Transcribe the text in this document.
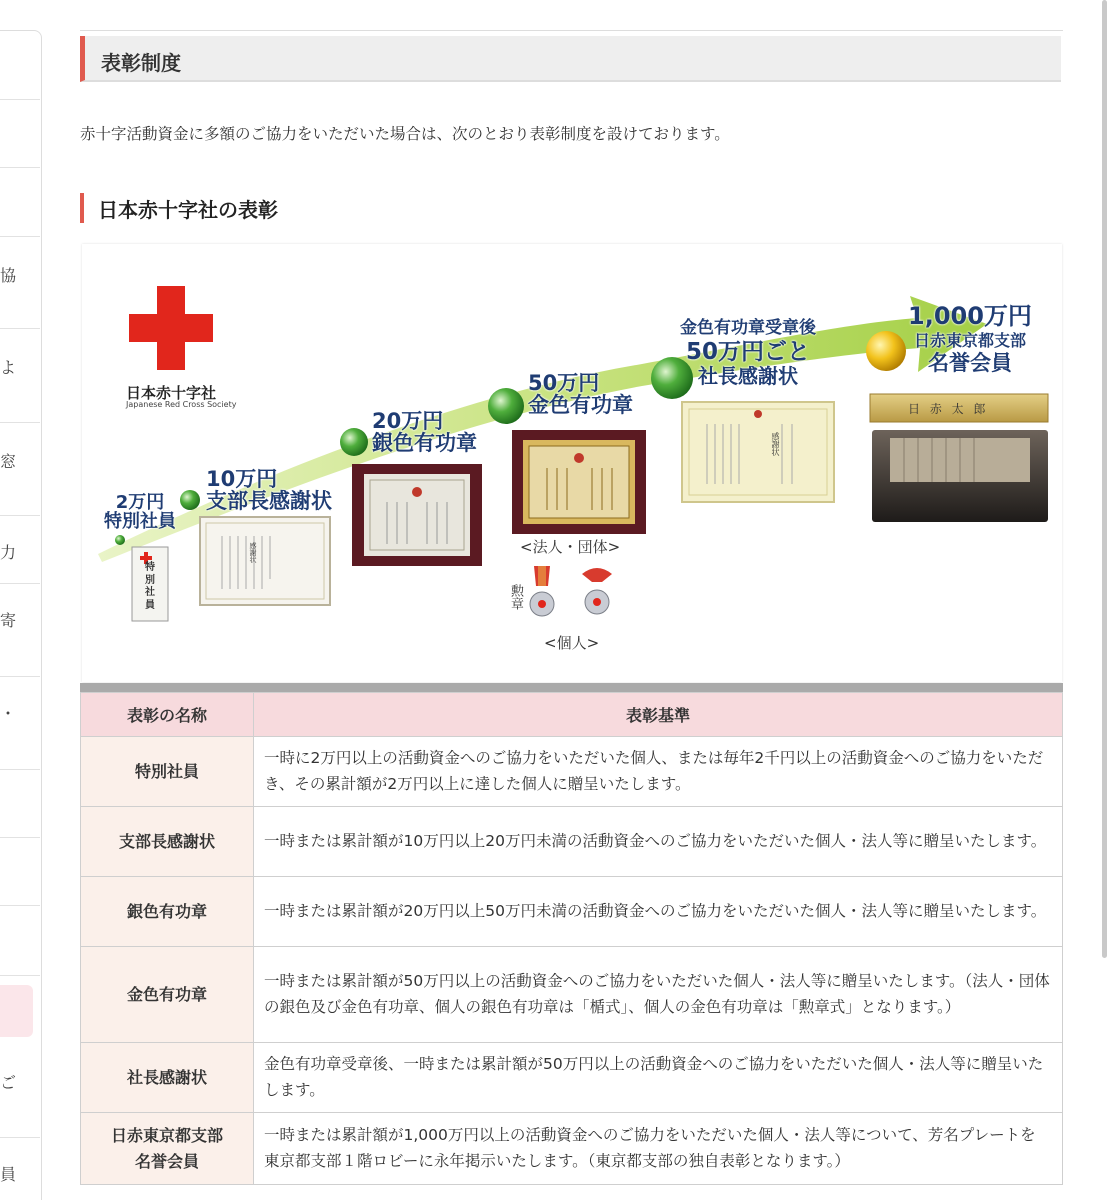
協
よ
窓
力
寄
・
ご
員
表彰制度

赤十字活動資金に多額のご協力をいただいた場合は、次のとおり表彰制度を設けております。

日本赤十字社の表彰
日本赤十字社
Japanese Red Cross Society
2万円
特別社員
10万円
支部長感謝状
20万円
銀色有功章
50万円
金色有功章
金色有功章受章後
50万円ごと
社長感謝状
1,000万円
日赤東京都支部
名誉会員
特
別
社
員
感謝状
感謝状
日 赤 太 郎
<法人・団体>
勲章
<個人>
表彰の名称	表彰基準
特別社員	一時に2万円以上の活動資金へのご協力をいただいた個人、または毎年2千円以上の活動資金へのご協力をいただき、その累計額が2万円以上に達した個人に贈呈いたします。
支部長感謝状	一時または累計額が10万円以上20万円未満の活動資金へのご協力をいただいた個人・法人等に贈呈いたします。
銀色有功章	一時または累計額が20万円以上50万円未満の活動資金へのご協力をいただいた個人・法人等に贈呈いたします。
金色有功章	一時または累計額が50万円以上の活動資金へのご協力をいただいた個人・法人等に贈呈いたします。（法人・団体の銀色及び金色有功章、個人の銀色有功章は「楯式」、個人の金色有功章は「勲章式」となります。）
社長感謝状	金色有功章受章後、一時または累計額が50万円以上の活動資金へのご協力をいただいた個人・法人等に贈呈いたします。

日赤東京都支部
名誉会員	一時または累計額が1,000万円以上の活動資金へのご協力をいただいた個人・法人等について、芳名プレートを東京都支部１階ロビーに永年掲示いたします。（東京都支部の独自表彰となります。）
